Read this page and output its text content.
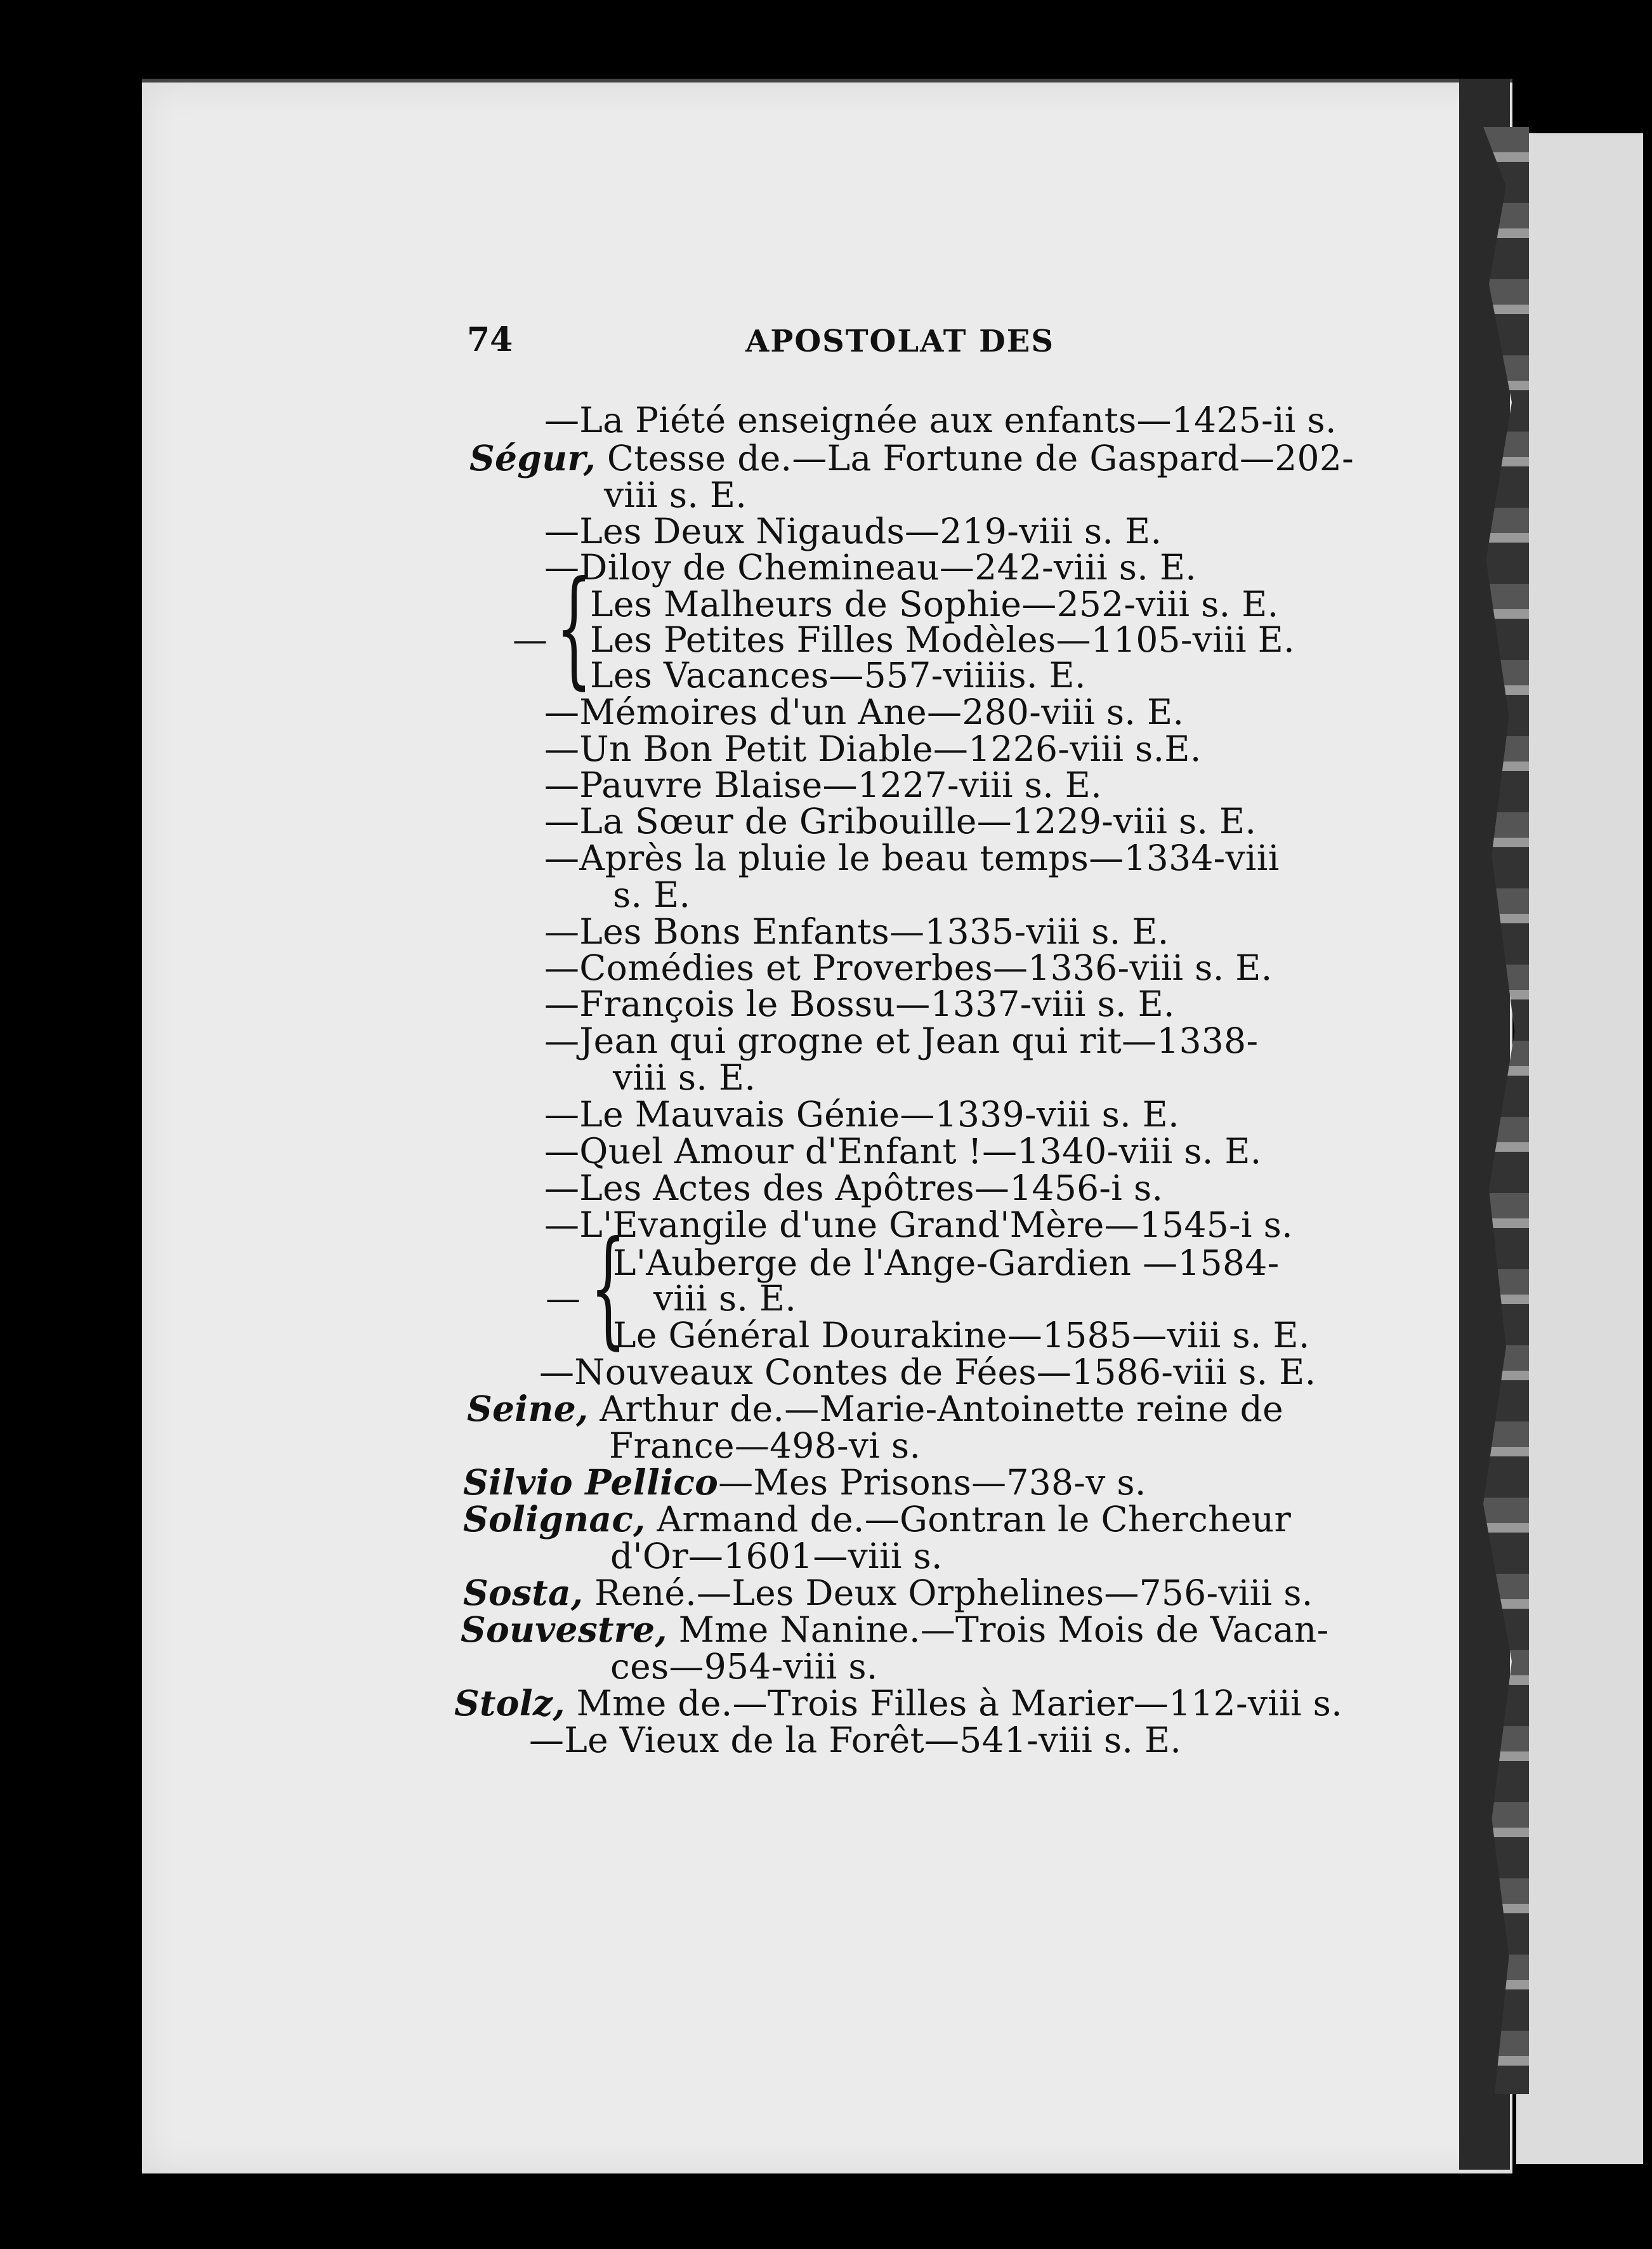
74	APOSTOLAT DES
—La Piété enseignée aux enfants—1425-ii s.
Ségur, Ctesse de.—La Fortune de Gaspard—202-
viii s. E.
—Les Deux Nigauds—219-viii s. E.
—Diloy de Chemineau—242-viii s. E.
— {
Les Malheurs de Sophie—252-viii s. E.
Les Petites Filles Modèles—1105-viii E.
Les Vacances—557-viiiis. E.
—Mémoires d'un Ane—280-viii s. E.
—Un Bon Petit Diable—1226-viii s.E.
—Pauvre Blaise—1227-viii s. E.
—La Sœur de Gribouille—1229-viii s. E.
—Après la pluie le beau temps—1334-viii
s. E.
—Les Bons Enfants—1335-viii s. E.
—Comédies et Proverbes—1336-viii s. E.
—François le Bossu—1337-viii s. E.
—Jean qui grogne et Jean qui rit—1338-
viii s. E.
—Le Mauvais Génie—1339-viii s. E.
—Quel Amour d'Enfant !—1340-viii s. E.
—Les Actes des Apôtres—1456-i s.
—L'Evangile d'une Grand'Mère—1545-i s.
— {
L'Auberge de l'Ange-Gardien —1584-
viii s. E.
Le Général Dourakine—1585—viii s. E.
—Nouveaux Contes de Fées—1586-viii s. E.
Seine, Arthur de.—Marie-Antoinette reine de
France—498-vi s.
Silvio Pellico—Mes Prisons—738-v s.
Solignac, Armand de.—Gontran le Chercheur
d'Or—1601—viii s.
Sosta, René.—Les Deux Orphelines—756-viii s.
Souvestre, Mme Nanine.—Trois Mois de Vacan-
ces—954-viii s.
Stolz, Mme de.—Trois Filles à Marier—112-viii s.
—Le Vieux de la Forêt—541-viii s. E.
